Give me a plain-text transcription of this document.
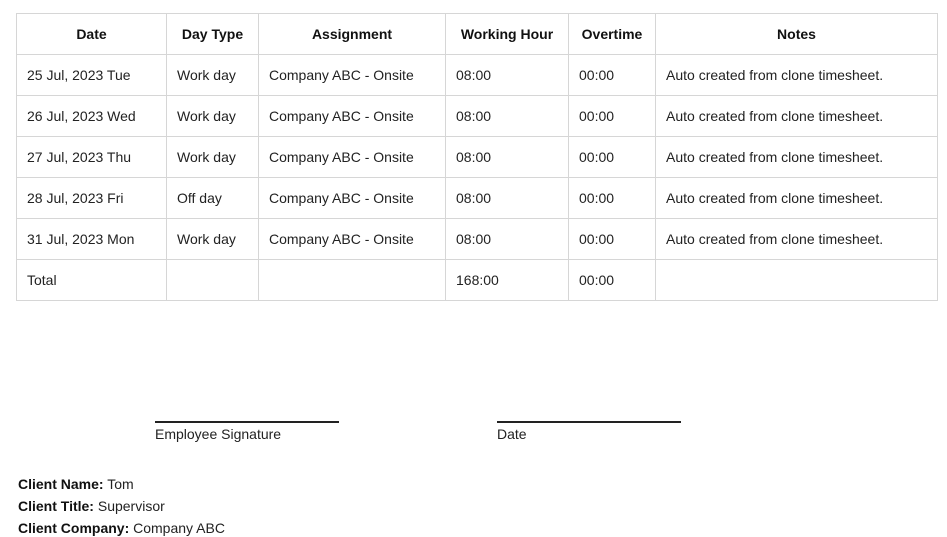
Date	Day Type	Assignment	Working Hour	Overtime	Notes
25 Jul, 2023 Tue	Work day	Company ABC - Onsite	08:00	00:00	Auto created from clone timesheet.
26 Jul, 2023 Wed	Work day	Company ABC - Onsite	08:00	00:00	Auto created from clone timesheet.
27 Jul, 2023 Thu	Work day	Company ABC - Onsite	08:00	00:00	Auto created from clone timesheet.
28 Jul, 2023 Fri	Off day	Company ABC - Onsite	08:00	00:00	Auto created from clone timesheet.
31 Jul, 2023 Mon	Work day	Company ABC - Onsite	08:00	00:00	Auto created from clone timesheet.
Total			168:00	00:00	
Employee Signature	Date
Client Name: Tom
Client Title: Supervisor
Client Company: Company ABC
